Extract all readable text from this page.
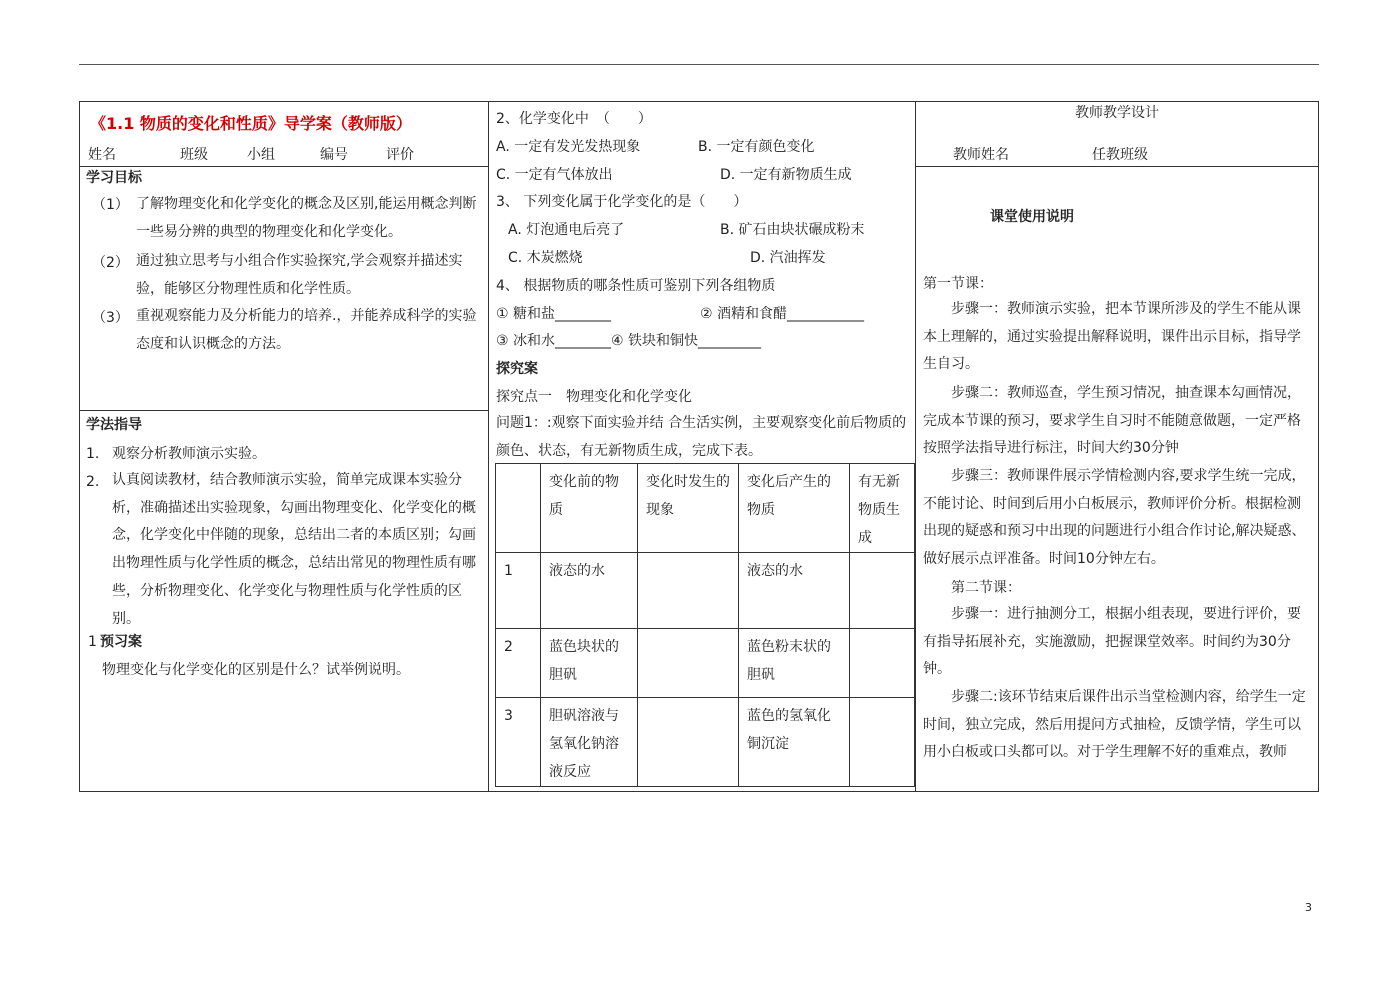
《1.1 物质的变化和性质》导学案（教师版）
姓名	班级	小组	编号	评价
学习目标
（1） 了解物理变化和化学变化的概念及区别,能运用概念判断一些易分辨的典型的物理变化和化学变化。
（2） 通过独立思考与小组合作实验探究,学会观察并描述实验，能够区分物理性质和化学性质。
（3） 重视观察能力及分析能力的培养.，并能养成科学的实验态度和认识概念的方法。
学法指导
1. 观察分析教师演示实验。
2. 认真阅读教材，结合教师演示实验，简单完成课本实验分析，准确描述出实验现象，勾画出物理变化、化学变化的概念，化学变化中伴随的现象，总结出二者的本质区别；勾画出物理性质与化学性质的概念，总结出常见的物理性质有哪些，分析物理变化、化学变化与物理性质与化学性质的区别。
1 预习案
物理变化与化学变化的区别是什么？试举例说明。
2、化学变化中　（　　）
A. 一定有发光发热现象	B. 一定有颜色变化
C. 一定有气体放出	D. 一定有新物质生成
3、 下列变化属于化学变化的是（　　）
A. 灯泡通电后亮了	B. 矿石由块状碾成粉末
C. 木炭燃烧	D. 汽油挥发
4、 根据物质的哪条性质可鉴别下列各组物质
① 糖和盐________	② 酒精和食醋___________
③ 冰和水________④ 铁块和铜快_________
探究案
探究点一　物理变化和化学变化
问题1：:观察下面实验并结 合生活实例，主要观察变化前后物质的颜色、状态，有无新物质生成，完成下表。
	变化前的物质	变化时发生的现象	变化后产生的物质	有无新物质生成
1	液态的水		液态的水	
2	蓝色块状的胆矾		蓝色粉末状的胆矾	
3	胆矾溶液与氢氧化钠溶液反应		蓝色的氢氧化铜沉淀	
教师教学设计
教师姓名	任教班级
课堂使用说明
第一节课：
步骤一：教师演示实验，把本节课所涉及的学生不能从课本上理解的，通过实验提出解释说明，课件出示目标，指导学生自习。
步骤二：教师巡查，学生预习情况，抽查课本勾画情况，完成本节课的预习，要求学生自习时不能随意做题，一定严格按照学法指导进行标注，时间大约30分钟
步骤三：教师课件展示学情检测内容,要求学生统一完成，不能讨论、时间到后用小白板展示，教师评价分析。根据检测出现的疑惑和预习中出现的问题进行小组合作讨论,解决疑惑、做好展示点评准备。时间10分钟左右。
第二节课：
步骤一：进行抽测分工，根据小组表现，要进行评价，要有指导拓展补充，实施激励，把握课堂效率。时间约为30分钟。
步骤二:该环节结束后课件出示当堂检测内容，给学生一定时间，独立完成，然后用提问方式抽检，反馈学情，学生可以用小白板或口头都可以。对于学生理解不好的重难点，教师
3
